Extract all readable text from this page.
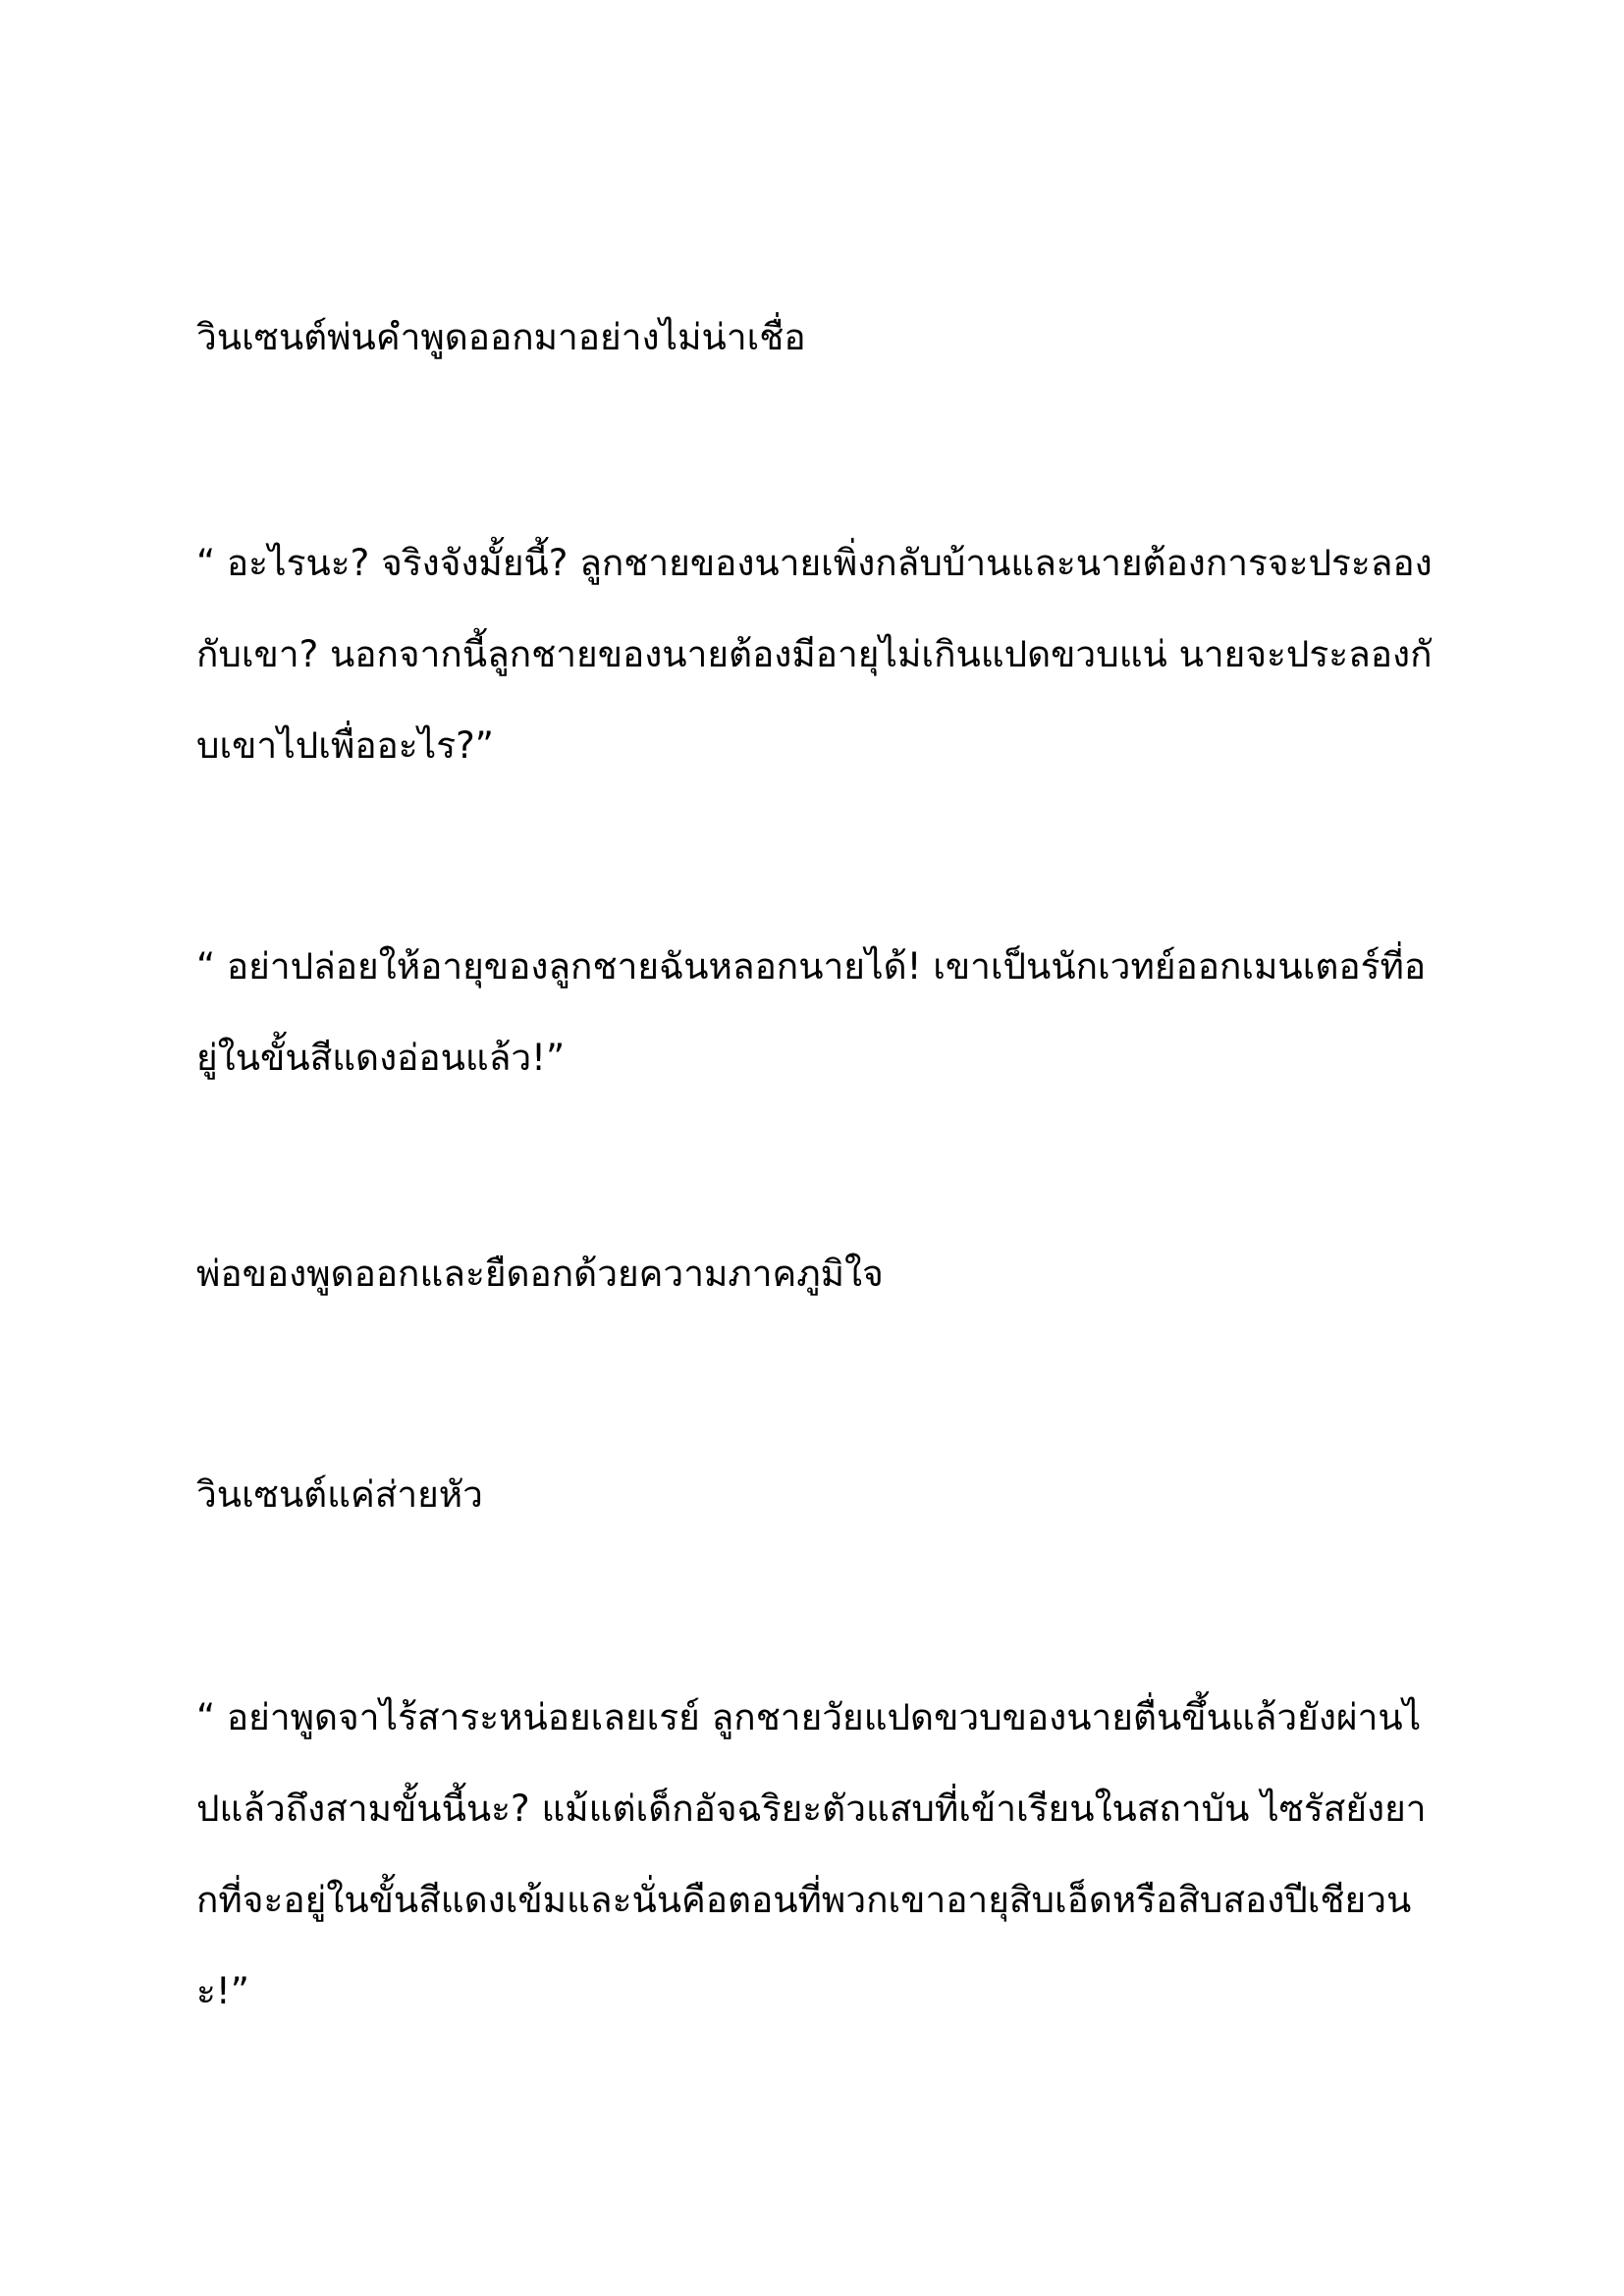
วินเซนต์พ่นคำพูดออกมาอย่างไม่น่าเชื่อ

“ อะไรนะ? จริงจังมั้ยนี้? ลูกชายของนายเพิ่งกลับบ้านและนายต้องการจะประลองกับเขา? นอกจากนี้ลูกชายของนายต้องมีอายุไม่เกินแปดขวบแน่ นายจะประลองกับเขาไปเพื่ออะไร?”

“ อย่าปล่อยให้อายุของลูกชายฉันหลอกนายได้! เขาเป็นนักเวทย์ออกเมนเตอร์ที่อยู่ในขั้นสีแดงอ่อนแล้ว!”

พ่อของพูดออกและยืดอกด้วยความภาคภูมิใจ

วินเซนต์แค่ส่ายหัว

“ อย่าพูดจาไร้สาระหน่อยเลยเรย์ ลูกชายวัยแปดขวบของนายตื่นขึ้นแล้วยังผ่านไปแล้วถึงสามขั้นนี้นะ? แม้แต่เด็กอัจฉริยะตัวแสบที่เข้าเรียนในสถาบัน ไซรัสยังยากที่จะอยู่ในขั้นสีแดงเข้มและนั่นคือตอนที่พวกเขาอายุสิบเอ็ดหรือสิบสองปีเชียวนะ!”
